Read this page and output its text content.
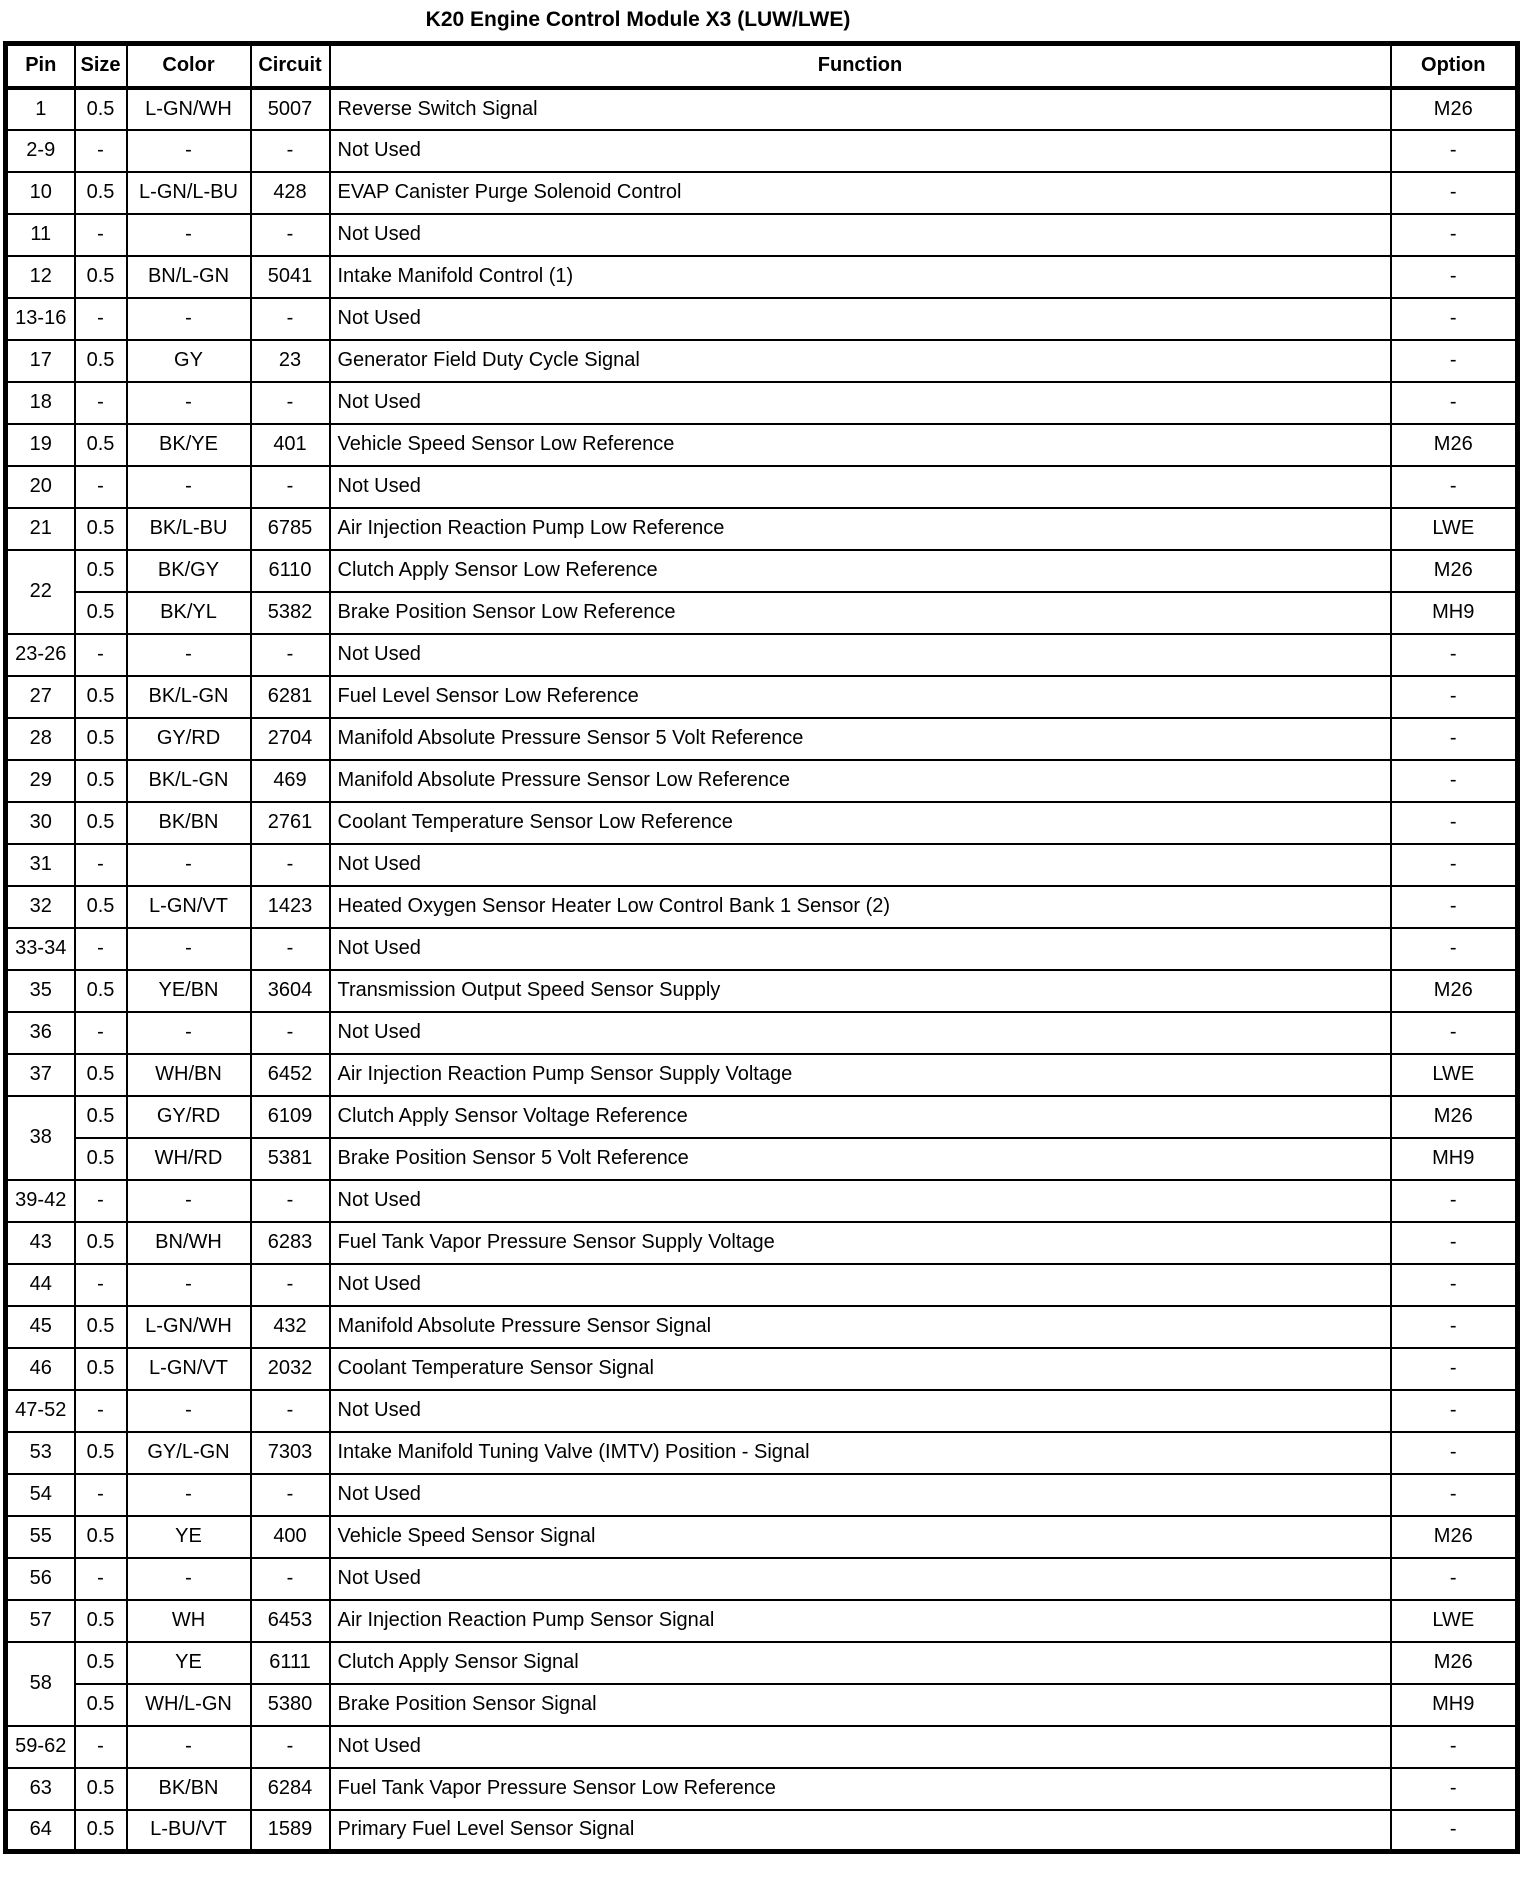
K20 Engine Control Module X3 (LUW/LWE)
Pin	Size	Color	Circuit	Function	Option
1	0.5	L-GN/WH	5007	Reverse Switch Signal	M26
2-9	-	-	-	Not Used	-
10	0.5	L-GN/L-BU	428	EVAP Canister Purge Solenoid Control	-
11	-	-	-	Not Used	-
12	0.5	BN/L-GN	5041	Intake Manifold Control (1)	-
13-16	-	-	-	Not Used	-
17	0.5	GY	23	Generator Field Duty Cycle Signal	-
18	-	-	-	Not Used	-
19	0.5	BK/YE	401	Vehicle Speed Sensor Low Reference	M26
20	-	-	-	Not Used	-
21	0.5	BK/L-BU	6785	Air Injection Reaction Pump Low Reference	LWE
22	0.5	BK/GY	6110	Clutch Apply Sensor Low Reference	M26
	0.5	BK/YL	5382	Brake Position Sensor Low Reference	MH9
23-26	-	-	-	Not Used	-
27	0.5	BK/L-GN	6281	Fuel Level Sensor Low Reference	-
28	0.5	GY/RD	2704	Manifold Absolute Pressure Sensor 5 Volt Reference	-
29	0.5	BK/L-GN	469	Manifold Absolute Pressure Sensor Low Reference	-
30	0.5	BK/BN	2761	Coolant Temperature Sensor Low Reference	-
31	-	-	-	Not Used	-
32	0.5	L-GN/VT	1423	Heated Oxygen Sensor Heater Low Control Bank 1 Sensor (2)	-
33-34	-	-	-	Not Used	-
35	0.5	YE/BN	3604	Transmission Output Speed Sensor Supply	M26
36	-	-	-	Not Used	-
37	0.5	WH/BN	6452	Air Injection Reaction Pump Sensor Supply Voltage	LWE
38	0.5	GY/RD	6109	Clutch Apply Sensor Voltage Reference	M26
	0.5	WH/RD	5381	Brake Position Sensor 5 Volt Reference	MH9
39-42	-	-	-	Not Used	-
43	0.5	BN/WH	6283	Fuel Tank Vapor Pressure Sensor Supply Voltage	-
44	-	-	-	Not Used	-
45	0.5	L-GN/WH	432	Manifold Absolute Pressure Sensor Signal	-
46	0.5	L-GN/VT	2032	Coolant Temperature Sensor Signal	-
47-52	-	-	-	Not Used	-
53	0.5	GY/L-GN	7303	Intake Manifold Tuning Valve (IMTV) Position - Signal	-
54	-	-	-	Not Used	-
55	0.5	YE	400	Vehicle Speed Sensor Signal	M26
56	-	-	-	Not Used	-
57	0.5	WH	6453	Air Injection Reaction Pump Sensor Signal	LWE
58	0.5	YE	6111	Clutch Apply Sensor Signal	M26
	0.5	WH/L-GN	5380	Brake Position Sensor Signal	MH9
59-62	-	-	-	Not Used	-
63	0.5	BK/BN	6284	Fuel Tank Vapor Pressure Sensor Low Reference	-
64	0.5	L-BU/VT	1589	Primary Fuel Level Sensor Signal	-
